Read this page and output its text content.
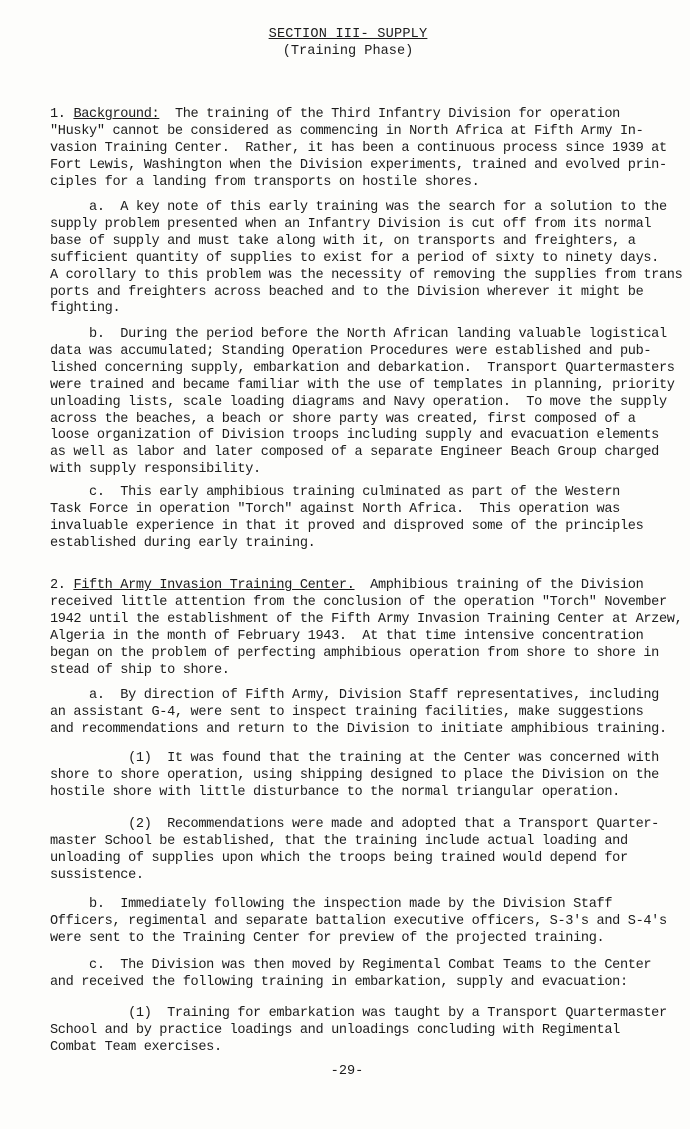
SECTION III- SUPPLY
(Training Phase)
1. Background:  The training of the Third Infantry Division for operation
"Husky" cannot be considered as commencing in North Africa at Fifth Army In-
vasion Training Center.  Rather, it has been a continuous process since 1939 at
Fort Lewis, Washington when the Division experiments, trained and evolved prin-
ciples for a landing from transports on hostile shores.
a.  A key note of this early training was the search for a solution to the
supply problem presented when an Infantry Division is cut off from its normal
base of supply and must take along with it, on transports and freighters, a
sufficient quantity of supplies to exist for a period of sixty to ninety days.
A corollary to this problem was the necessity of removing the supplies from trans
ports and freighters across beached and to the Division wherever it might be
fighting.
b.  During the period before the North African landing valuable logistical
data was accumulated; Standing Operation Procedures were established and pub-
lished concerning supply, embarkation and debarkation.  Transport Quartermasters
were trained and became familiar with the use of templates in planning, priority
unloading lists, scale loading diagrams and Navy operation.  To move the supply
across the beaches, a beach or shore party was created, first composed of a
loose organization of Division troops including supply and evacuation elements
as well as labor and later composed of a separate Engineer Beach Group charged
with supply responsibility.
c.  This early amphibious training culminated as part of the Western
Task Force in operation "Torch" against North Africa.  This operation was
invaluable experience in that it proved and disproved some of the principles
established during early training.
2. Fifth Army Invasion Training Center.  Amphibious training of the Division
received little attention from the conclusion of the operation "Torch" November
1942 until the establishment of the Fifth Army Invasion Training Center at Arzew,
Algeria in the month of February 1943.  At that time intensive concentration
began on the problem of perfecting amphibious operation from shore to shore in
stead of ship to shore.
a.  By direction of Fifth Army, Division Staff representatives, including
an assistant G-4, were sent to inspect training facilities, make suggestions
and recommendations and return to the Division to initiate amphibious training.
(1)  It was found that the training at the Center was concerned with
shore to shore operation, using shipping designed to place the Division on the
hostile shore with little disturbance to the normal triangular operation.
(2)  Recommendations were made and adopted that a Transport Quarter-
master School be established, that the training include actual loading and
unloading of supplies upon which the troops being trained would depend for
sussistence.
b.  Immediately following the inspection made by the Division Staff
Officers, regimental and separate battalion executive officers, S-3's and S-4's
were sent to the Training Center for preview of the projected training.
c.  The Division was then moved by Regimental Combat Teams to the Center
and received the following training in embarkation, supply and evacuation:
(1)  Training for embarkation was taught by a Transport Quartermaster
School and by practice loadings and unloadings concluding with Regimental
Combat Team exercises.
-29-
